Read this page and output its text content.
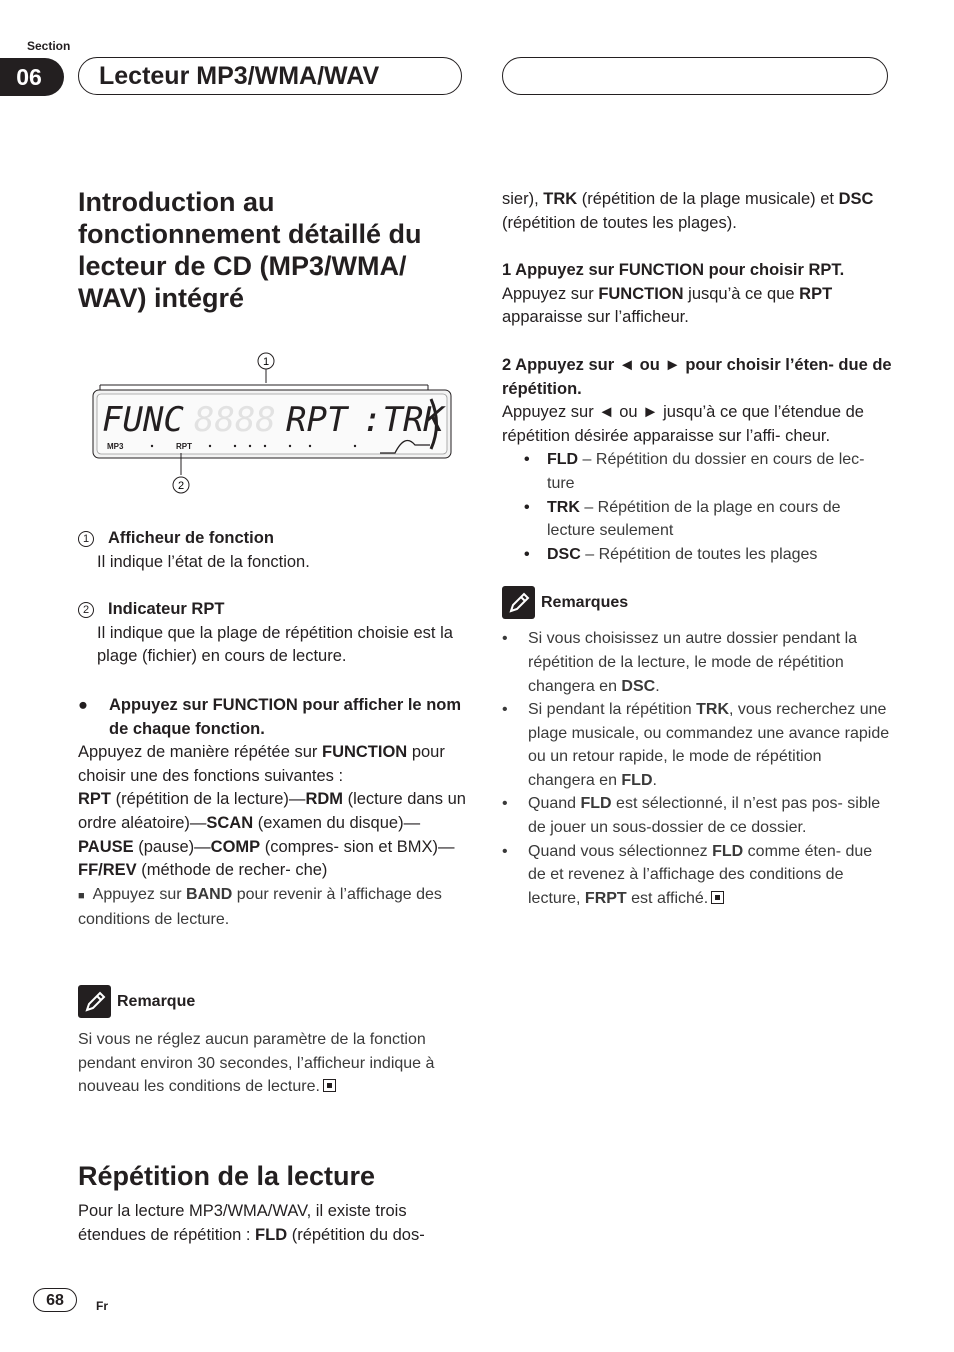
Section
06	Lecteur MP3/WMA/WAV
Introduction au fonctionnement détaillé du lecteur de CD (MP3/WMA/ WAV) intégré
1
FUNC 8888 RPT :TRK
MP3	RPT
2

1 Afficheur de fonction

Il indique l’état de la fonction.

2 Indicateur RPT

Il indique que la plage de répétition choisie est la plage (fichier) en cours de lecture.

● Appuyez sur FUNCTION pour afficher le nom de chaque fonction.

Appuyez de manière répétée sur FUNCTION pour choisir une des fonctions suivantes :

RPT (répétition de la lecture)—RDM (lecture dans un ordre aléatoire)—SCAN (examen du disque)—PAUSE (pause)—COMP (compres- sion et BMX)—FF/REV (méthode de recher- che)

■ Appuyez sur BAND pour revenir à l’affichage des conditions de lecture.

Remarque

Si vous ne réglez aucun paramètre de la fonction pendant environ 30 secondes, l’afficheur indique à nouveau les conditions de lecture.

Répétition de la lecture

Pour la lecture MP3/WMA/WAV, il existe trois étendues de répétition : FLD (répétition du dos-

sier), TRK (répétition de la plage musicale) et DSC (répétition de toutes les plages).

1 Appuyez sur FUNCTION pour choisir RPT.

Appuyez sur FUNCTION jusqu’à ce que RPT apparaisse sur l’afficheur.

2 Appuyez sur ◄ ou ► pour choisir l’éten- due de répétition.

Appuyez sur ◄ ou ► jusqu’à ce que l’étendue de répétition désirée apparaisse sur l’affi- cheur.

• FLD – Répétition du dossier en cours de lec- ture
• TRK – Répétition de la plage en cours de lecture seulement
• DSC – Répétition de toutes les plages
Remarques
• Si vous choisissez un autre dossier pendant la répétition de la lecture, le mode de répétition changera en DSC.
• Si pendant la répétition TRK, vous recherchez une plage musicale, ou commandez une avance rapide ou un retour rapide, le mode de répétition changera en FLD.
• Quand FLD est sélectionné, il n’est pas pos- sible de jouer un sous-dossier de ce dossier.
• Quand vous sélectionnez FLD comme éten- due de et revenez à l’affichage des conditions de lecture, FRPT est affiché.
68	Fr
